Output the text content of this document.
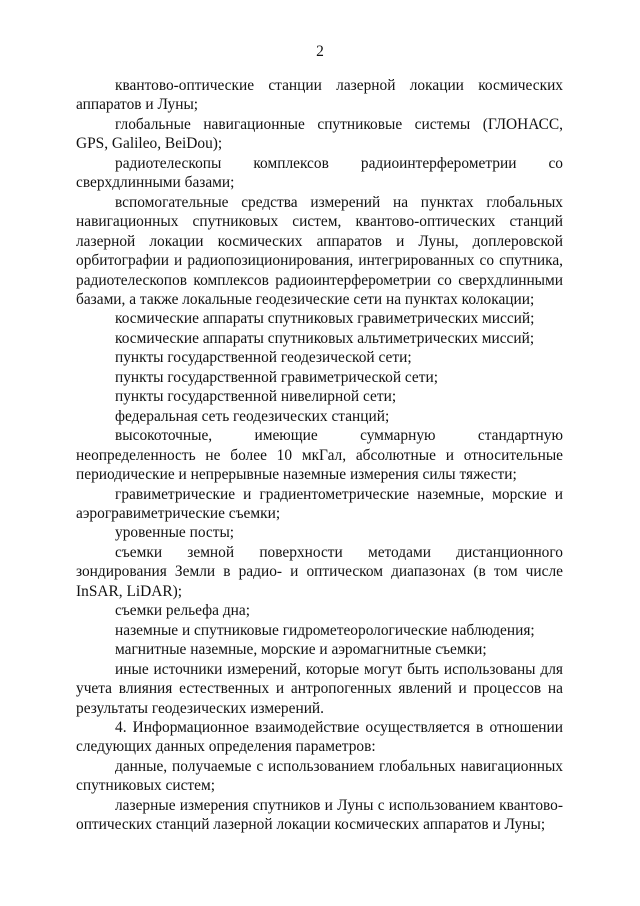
2

квантово-оптические станции лазерной локации космических аппаратов и Луны;

глобальные навигационные спутниковые системы (ГЛОНАСС, GPS, Galileo, BeiDou);

радиотелескопы комплексов радиоинтерферометрии со сверхдлинными базами;

вспомогательные средства измерений на пунктах глобальных навигационных спутниковых систем, квантово-оптических станций лазерной локации космических аппаратов и Луны, доплеровской орбитографии и радиопозиционирования, интегрированных со спутника, радиотелескопов комплексов радиоинтерферометрии со сверхдлинными базами, а также локальные геодезические сети на пунктах колокации;

космические аппараты спутниковых гравиметрических миссий;

космические аппараты спутниковых альтиметрических миссий;

пункты государственной геодезической сети;

пункты государственной гравиметрической сети;

пункты государственной нивелирной сети;

федеральная сеть геодезических станций;

высокоточные, имеющие суммарную стандартную неопределенность не более 10 мкГал, абсолютные и относительные периодические и непрерывные наземные измерения силы тяжести;

гравиметрические и градиентометрические наземные, морские и аэрогравиметрические съемки;

уровенные посты;

съемки земной поверхности методами дистанционного зондирования Земли в радио- и оптическом диапазонах (в том числе InSAR, LiDAR);

съемки рельефа дна;

наземные и спутниковые гидрометеорологические наблюдения;

магнитные наземные, морские и аэромагнитные съемки;

иные источники измерений, которые могут быть использованы для учета влияния естественных и антропогенных явлений и процессов на результаты геодезических измерений.

4. Информационное взаимодействие осуществляется в отношении следующих данных определения параметров:

данные, получаемые с использованием глобальных навигационных спутниковых систем;

лазерные измерения спутников и Луны с использованием квантово-оптических станций лазерной локации космических аппаратов и Луны;
